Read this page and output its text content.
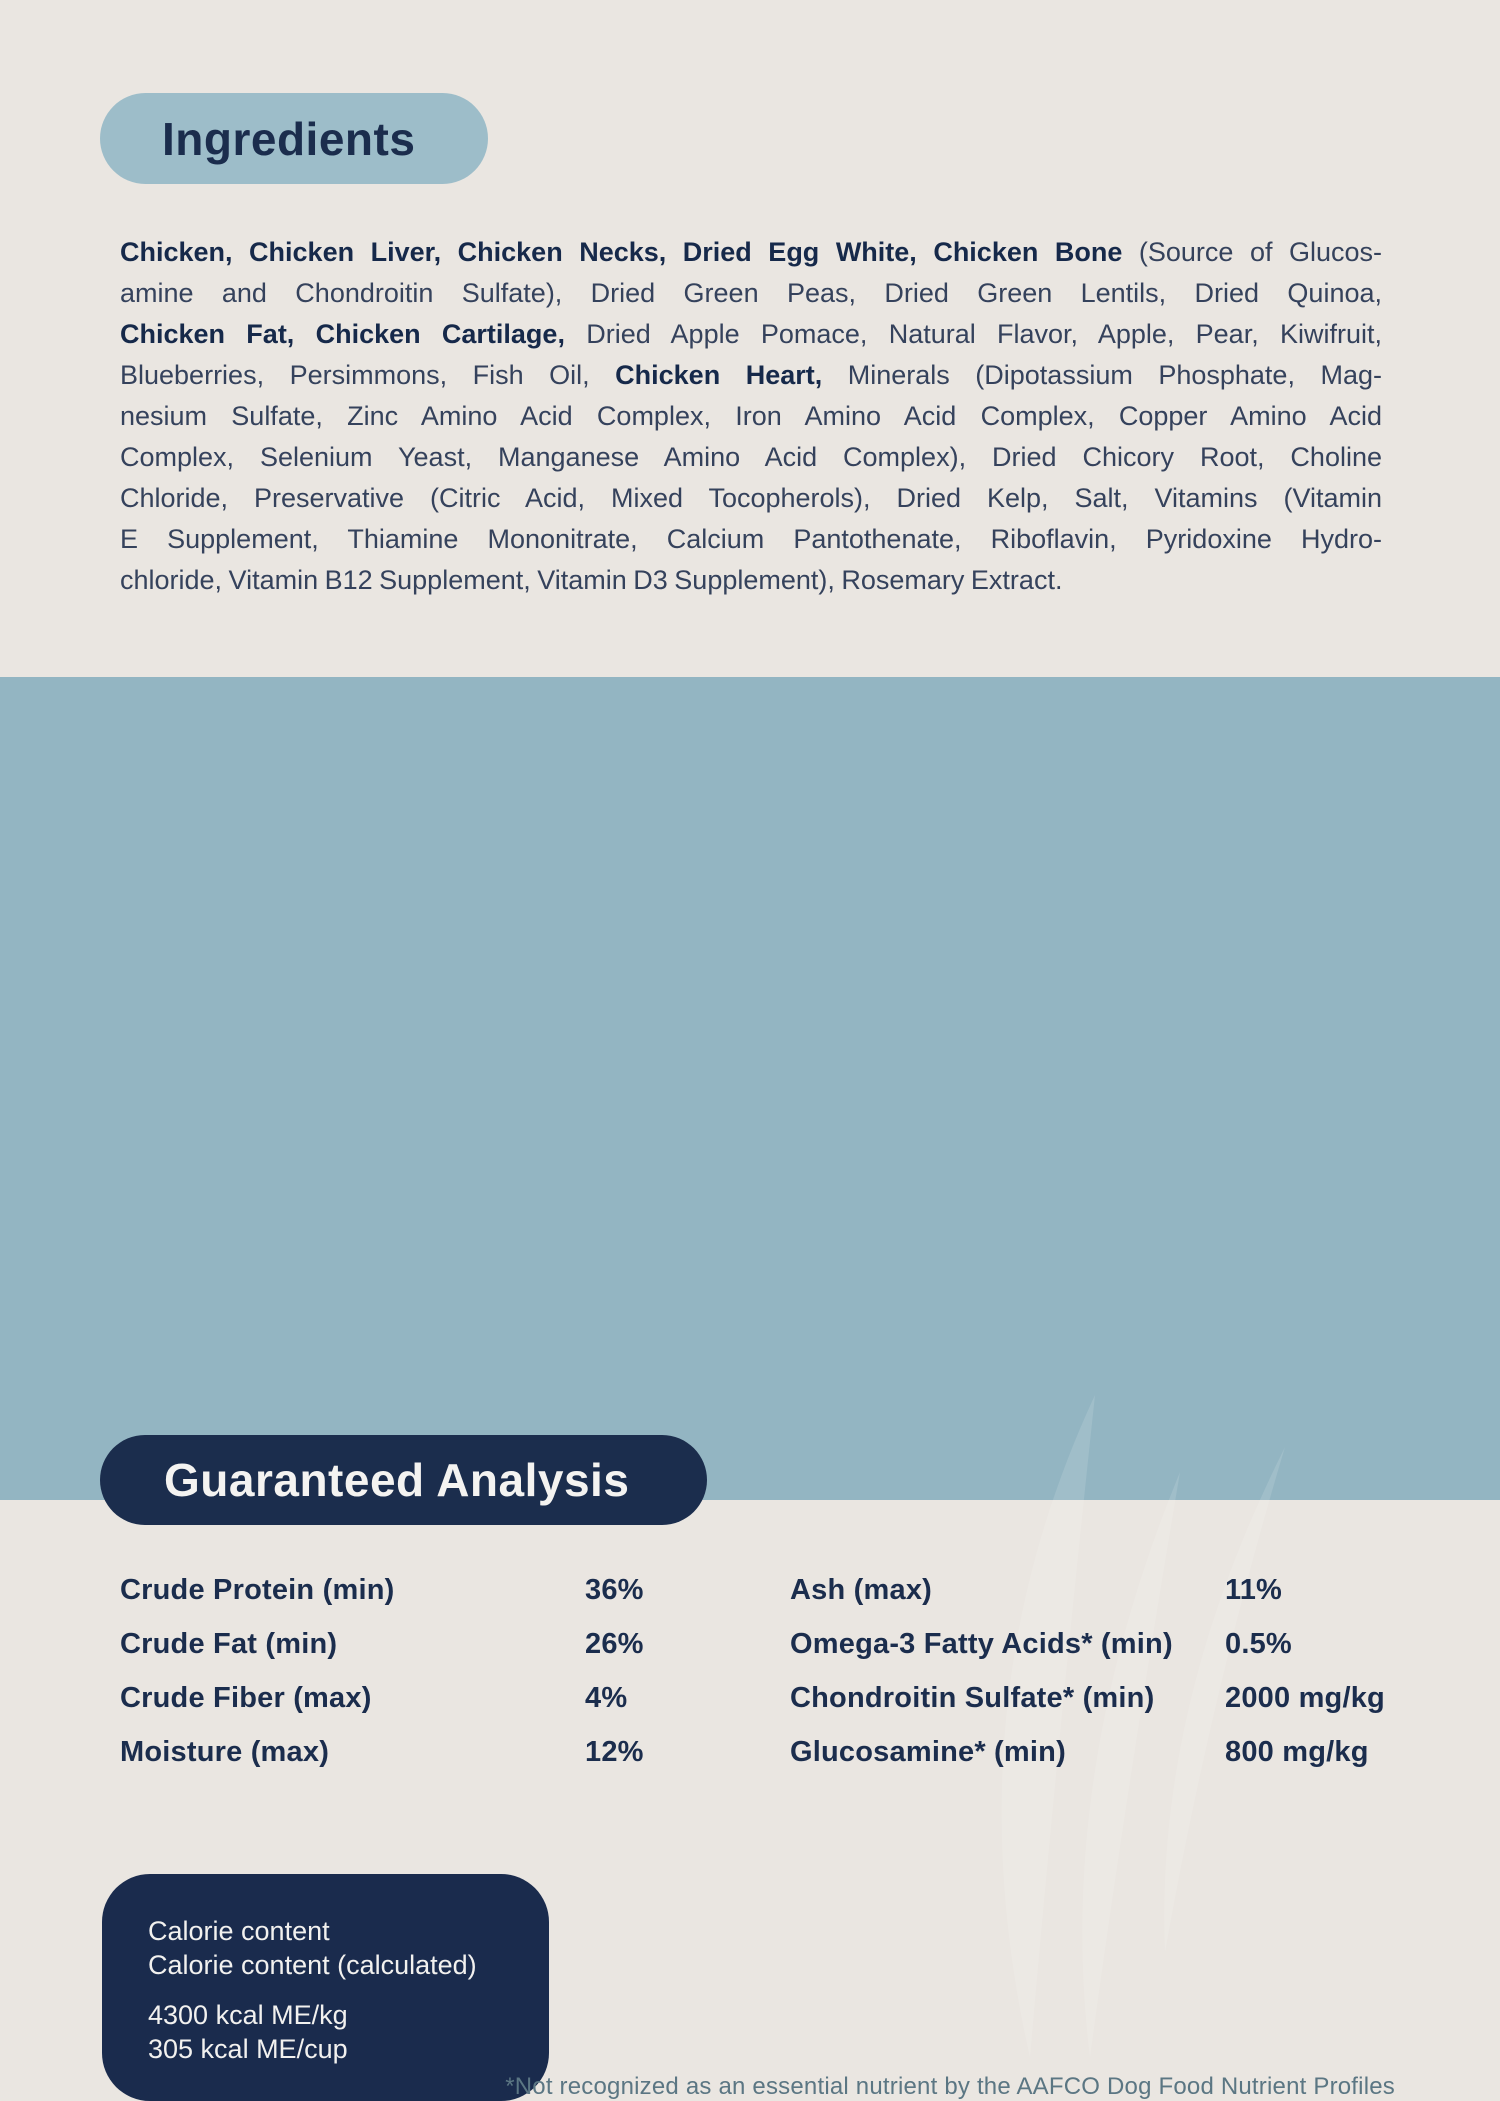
Ingredients
Chicken, Chicken Liver, Chicken Necks, Dried Egg White, Chicken Bone (Source of Glucos-
amine and Chondroitin Sulfate), Dried Green Peas, Dried Green Lentils, Dried Quinoa,
Chicken Fat, Chicken Cartilage, Dried Apple Pomace, Natural Flavor, Apple, Pear, Kiwifruit,
Blueberries, Persimmons, Fish Oil, Chicken Heart, Minerals (Dipotassium Phosphate, Mag-
nesium Sulfate, Zinc Amino Acid Complex, Iron Amino Acid Complex, Copper Amino Acid
Complex, Selenium Yeast, Manganese Amino Acid Complex), Dried Chicory Root, Choline
Chloride, Preservative (Citric Acid, Mixed Tocopherols), Dried Kelp, Salt, Vitamins (Vitamin
E Supplement, Thiamine Mononitrate, Calcium Pantothenate, Riboflavin, Pyridoxine Hydro-
chloride, Vitamin B12 Supplement, Vitamin D3 Supplement), Rosemary Extract.
Guaranteed Analysis
Crude Protein (min)	36%
Crude Fat (min)	26%
Crude Fiber (max)	4%
Moisture (max)	12%
Ash (max)	11%
Omega-3 Fatty Acids* (min)	0.5%
Chondroitin Sulfate* (min)	2000 mg/kg
Glucosamine* (min)	800 mg/kg
Calorie content
Calorie content (calculated)
4300 kcal ME/kg
305 kcal ME/cup
*Not recognized as an essential nutrient by the AAFCO Dog Food Nutrient Profiles
